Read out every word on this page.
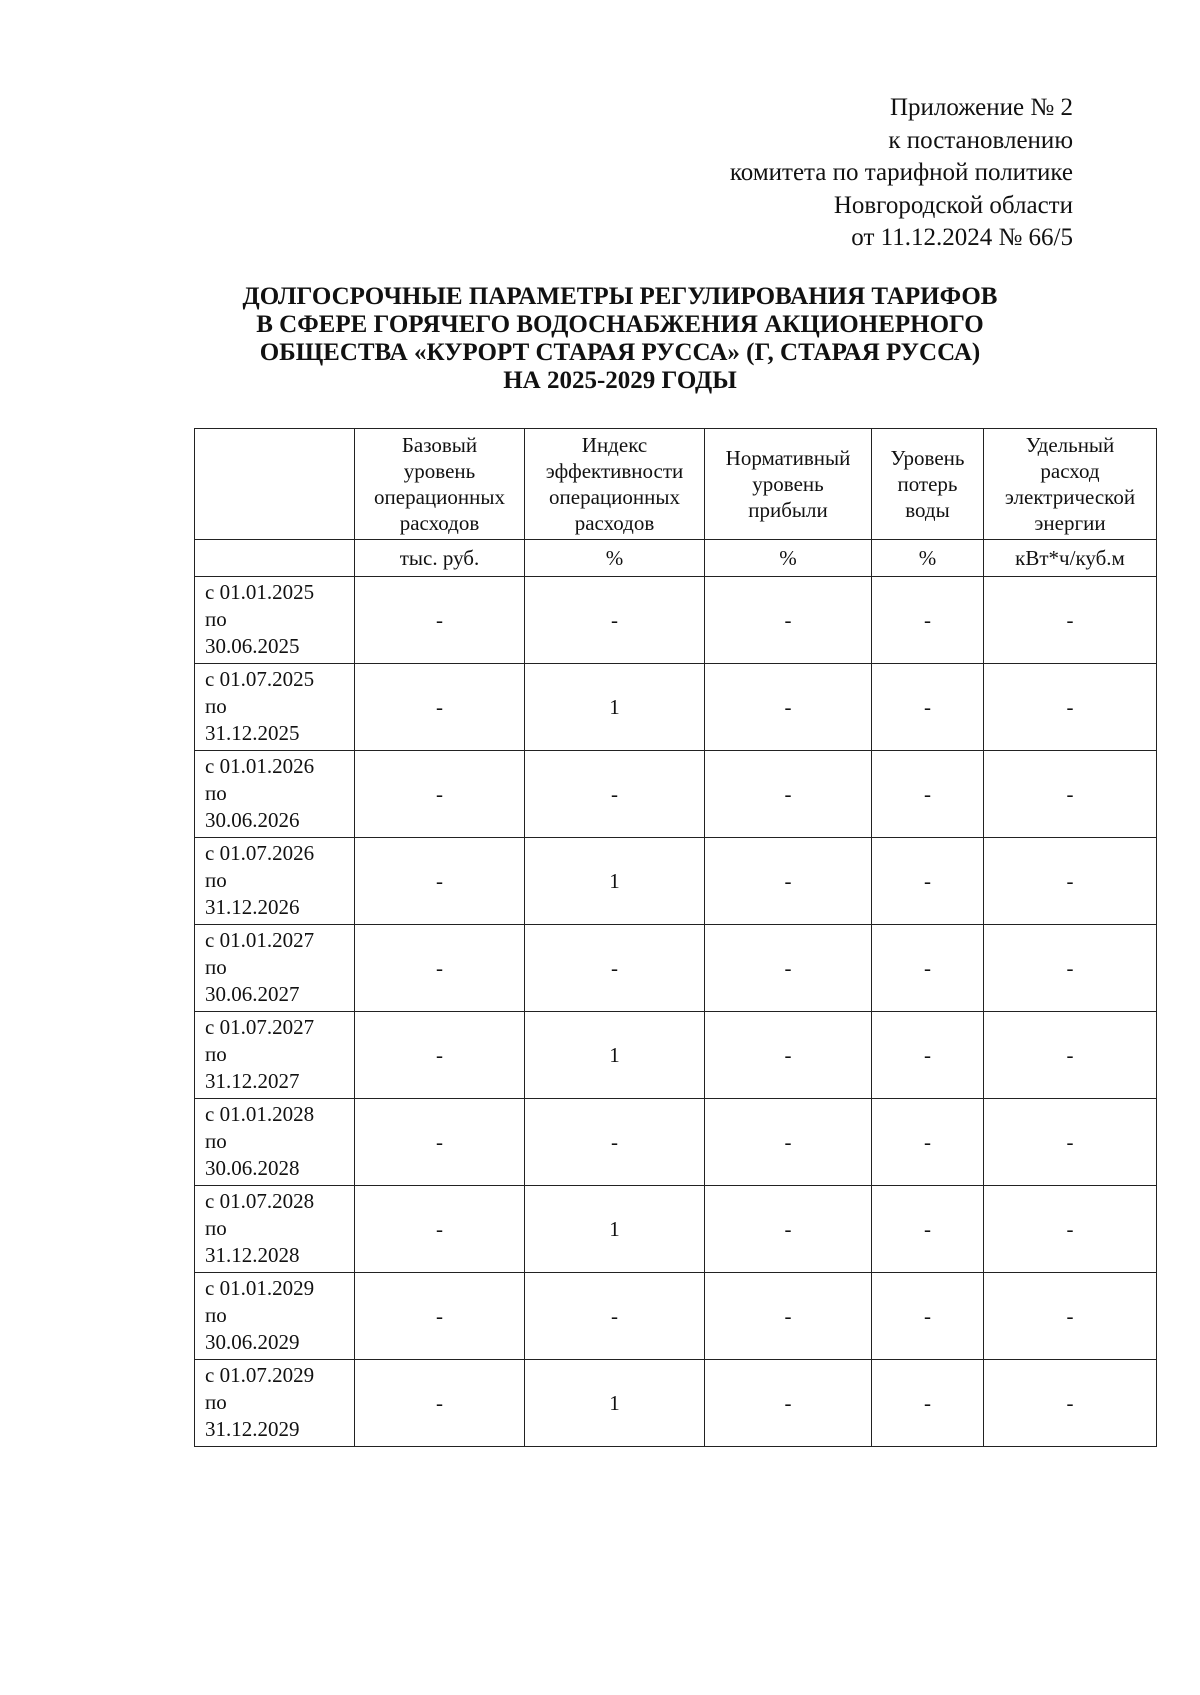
Приложение № 2
к постановлению
комитета по тарифной политике
Новгородской области
от 11.12.2024 № 66/5
ДОЛГОСРОЧНЫЕ ПАРАМЕТРЫ РЕГУЛИРОВАНИЯ ТАРИФОВ
В СФЕРЕ ГОРЯЧЕГО ВОДОСНАБЖЕНИЯ АКЦИОНЕРНОГО
ОБЩЕСТВА «КУРОРТ СТАРАЯ РУССА» (Г, СТАРАЯ РУССА)
НА 2025-2029 ГОДЫ

	Базовый
уровень
операционных
расходов	Индекс
эффективности
операционных
расходов	Нормативный
уровень
прибыли	Уровень
потерь
воды	Удельный
расход
электрической
энергии

	тыс. руб.	%	%	%	кВт*ч/куб.м

с 01.01.2025
по
30.06.2025	-	-	-	-	-

с 01.07.2025
по
31.12.2025	-	1	-	-	-

с 01.01.2026
по
30.06.2026	-	-	-	-	-

с 01.07.2026
по
31.12.2026	-	1	-	-	-

с 01.01.2027
по
30.06.2027	-	-	-	-	-

с 01.07.2027
по
31.12.2027	-	1	-	-	-

с 01.01.2028
по
30.06.2028	-	-	-	-	-

с 01.07.2028
по
31.12.2028	-	1	-	-	-

с 01.01.2029
по
30.06.2029	-	-	-	-	-

с 01.07.2029
по
31.12.2029	-	1	-	-	-
